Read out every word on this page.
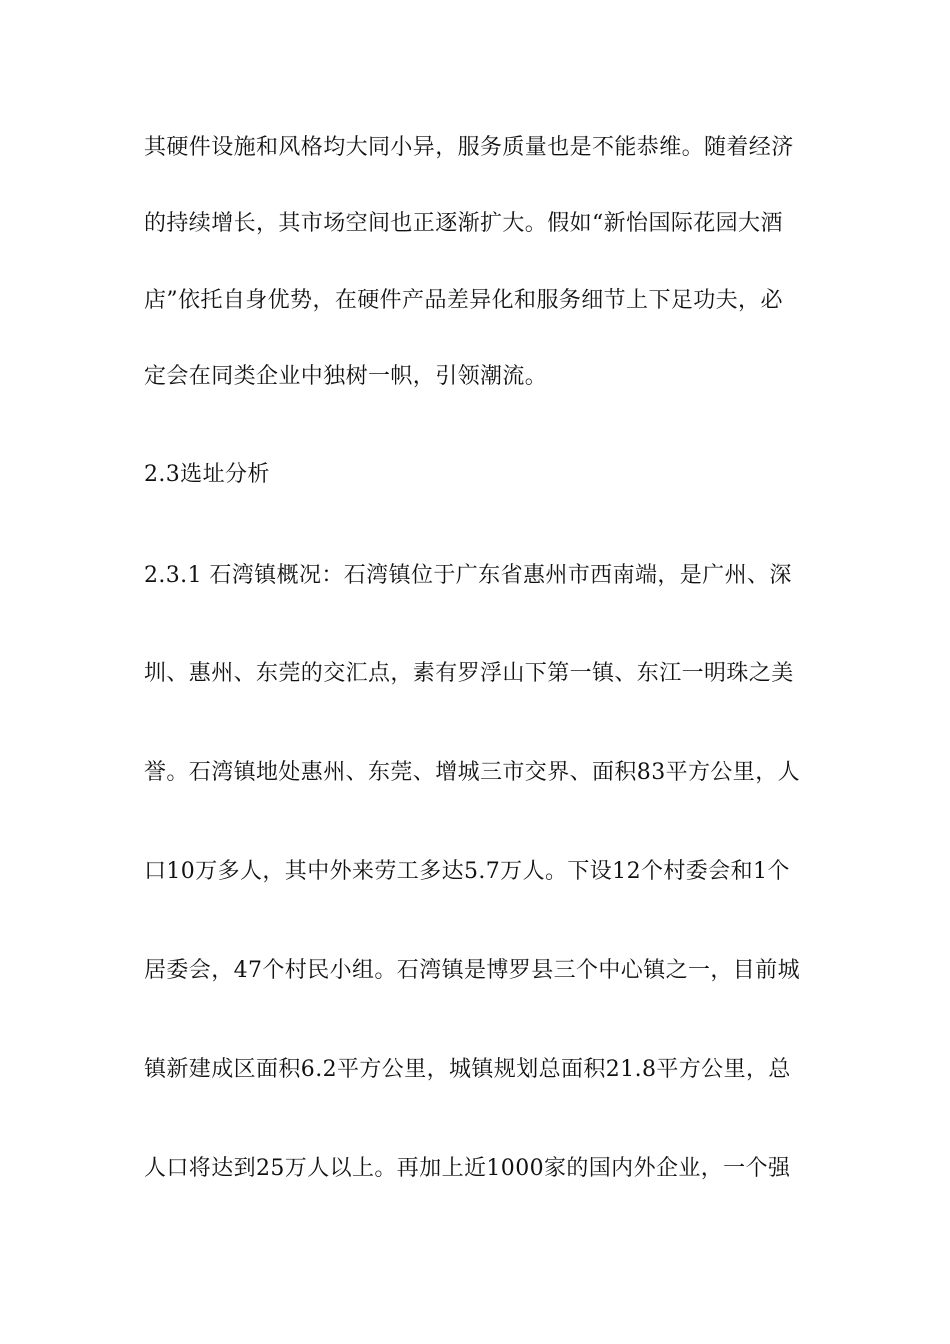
其硬件设施和风格均大同小异，服务质量也是不能恭维。随着经济

的持续增长，其市场空间也正逐渐扩大。假如“新怡国际花园大酒

店”依托自身优势，在硬件产品差异化和服务细节上下足功夫，必

定会在同类企业中独树一帜，引领潮流。

2.3选址分析

2.3.1 石湾镇概况：石湾镇位于广东省惠州市西南端，是广州、深

圳、惠州、东莞的交汇点，素有罗浮山下第一镇、东江一明珠之美

誉。石湾镇地处惠州、东莞、增城三市交界、面积83平方公里，人

口10万多人，其中外来劳工多达5.7万人。下设12个村委会和1个

居委会，47个村民小组。石湾镇是博罗县三个中心镇之一，目前城

镇新建成区面积6.2平方公里，城镇规划总面积21.8平方公里，总

人口将达到25万人以上。再加上近1000家的国内外企业，一个强
